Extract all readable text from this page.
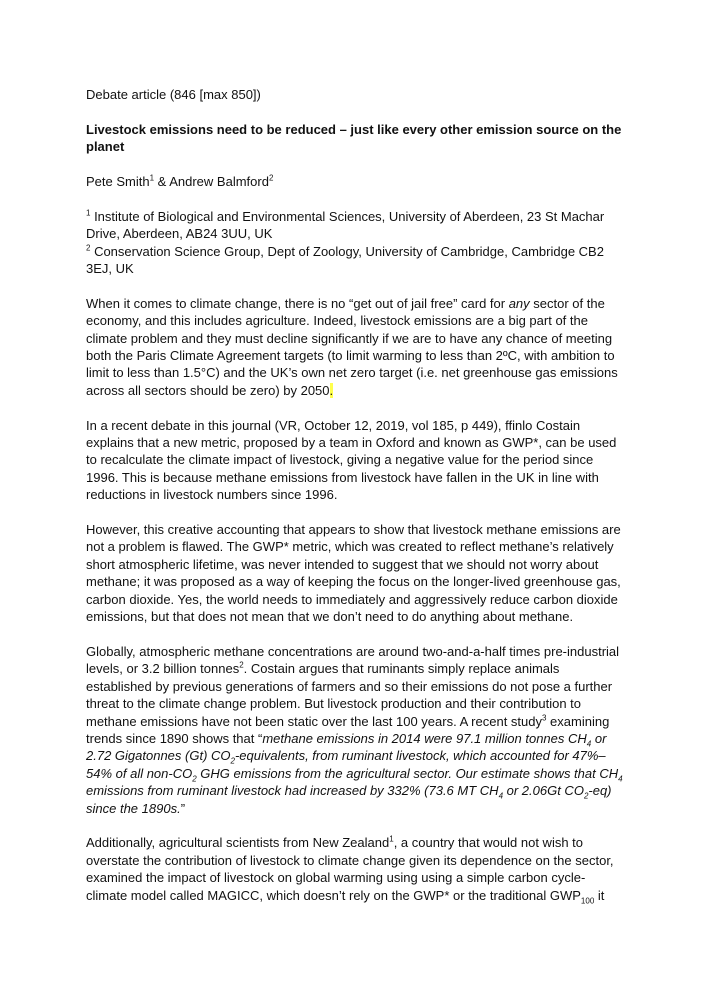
Debate article (846 [max 850])

Livestock emissions need to be reduced – just like every other emission source on the planet

Pete Smith$^1$ & Andrew Balmford$^2$

$^1$ Institute of Biological and Environmental Sciences, University of Aberdeen, 23 St Machar Drive, Aberdeen, AB24 3UU, UK

$^2$ Conservation Science Group, Dept of Zoology, University of Cambridge, Cambridge CB2 3EJ, UK

When it comes to climate change, there is no “get out of jail free” card for any sector of the economy, and this includes agriculture. Indeed, livestock emissions are a big part of the climate problem and they must decline significantly if we are to have any chance of meeting both the Paris Climate Agreement targets (to limit warming to less than 2ºC, with ambition to limit to less than 1.5°C) and the UK’s own net zero target (i.e. net greenhouse gas emissions across all sectors should be zero) by 2050.

In a recent debate in this journal (VR, October 12, 2019, vol 185, p 449), ffinlo Costain explains that a new metric, proposed by a team in Oxford and known as GWP*, can be used to recalculate the climate impact of livestock, giving a negative value for the period since 1996. This is because methane emissions from livestock have fallen in the UK in line with reductions in livestock numbers since 1996.

However, this creative accounting that appears to show that livestock methane emissions are not a problem is flawed. The GWP* metric, which was created to reflect methane’s relatively short atmospheric lifetime, was never intended to suggest that we should not worry about methane; it was proposed as a way of keeping the focus on the longer-lived greenhouse gas, carbon dioxide. Yes, the world needs to immediately and aggressively reduce carbon dioxide emissions, but that does not mean that we don’t need to do anything about methane.

Globally, atmospheric methane concentrations are around two-and-a-half times pre-industrial levels, or 3.2 billion tonnes$^2$. Costain argues that ruminants simply replace animals established by previous generations of farmers and so their emissions do not pose a further threat to the climate change problem. But livestock production and their contribution to methane emissions have not been static over the last 100 years. A recent study$^3$ examining trends since 1890 shows that “methane emissions in 2014 were 97.1 million tonnes $CH_4$ or 2.72 Gigatonnes (Gt) $CO_2$-equivalents, from ruminant livestock, which accounted for 47%–54% of all non-$CO_2$ GHG emissions from the agricultural sector. Our estimate shows that $CH_4$ emissions from ruminant livestock had increased by 332% (73.6 MT $CH_4$ or 2.06Gt $CO_2-eq$) since the 1890s.”

Additionally, agricultural scientists from New Zealand$^1$, a country that would not wish to overstate the contribution of livestock to climate change given its dependence on the sector, examined the impact of livestock on global warming using using a simple carbon cycle-climate model called MAGICC, which doesn’t rely on the GWP* or the traditional $GWP_{100}$ it
